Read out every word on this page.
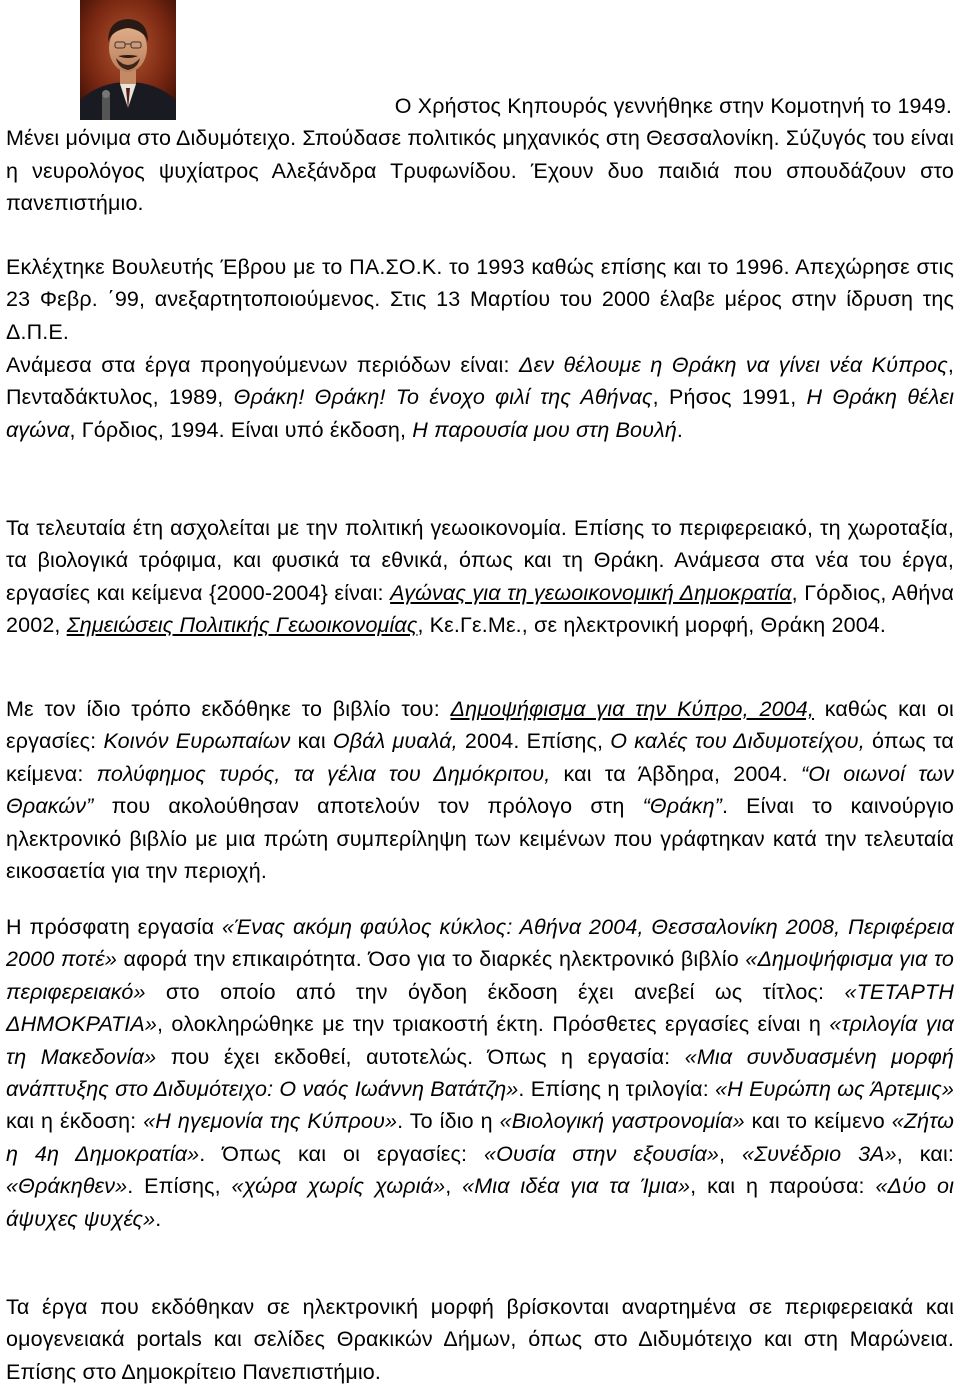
Ο Χρήστος Κηπουρός γεννήθηκε στην Κομοτηνή το 1949.
Μένει μόνιμα στο Διδυμότειχο. Σπούδασε πολιτικός μηχανικός στη Θεσσαλονίκη. Σύζυγός του είναι η νευρολόγος ψυχίατρος Αλεξάνδρα Τρυφωνίδου. Έχουν δυο παιδιά που σπουδάζουν στο πανεπιστήμιο.

Εκλέχτηκε Βουλευτής Έβρου με το ΠΑ.ΣΟ.Κ. το 1993 καθώς επίσης και το 1996. Απεχώρησε στις 23 Φεβρ. ΄99, ανεξαρτητοποιούμενος. Στις 13 Μαρτίου του 2000 έλαβε μέρος στην ίδρυση της Δ.Π.Ε.

Ανάμεσα στα έργα προηγούμενων περιόδων είναι: Δεν θέλουμε η Θράκη να γίνει νέα Κύπρος, Πενταδάκτυλος, 1989, Θράκη! Θράκη! Το ένοχο φιλί της Αθήνας, Ρήσος 1991, Η Θράκη θέλει αγώνα, Γόρδιος, 1994. Είναι υπό έκδοση, Η παρουσία μου στη Βουλή.

Τα τελευταία έτη ασχολείται με την πολιτική γεωοικονομία. Επίσης το περιφερειακό, τη χωροταξία, τα βιολογικά τρόφιμα, και φυσικά τα εθνικά, όπως και τη Θράκη. Ανάμεσα στα νέα του έργα, εργασίες και κείμενα {2000-2004} είναι: Αγώνας για τη γεωοικονομική Δημοκρατία, Γόρδιος, Αθήνα 2002, Σημειώσεις Πολιτικής Γεωοικονομίας, Κε.Γε.Με., σε ηλεκτρονική μορφή, Θράκη 2004.

Με τον ίδιο τρόπο εκδόθηκε το βιβλίο του: Δημοψήφισμα για την Κύπρο, 2004, καθώς και οι εργασίες: Κοινόν Ευρωπαίων και Οβάλ μυαλά, 2004. Επίσης, Ο καλές του Διδυμοτείχου, όπως τα κείμενα: πολύφημος τυρός, τα γέλια του Δημόκριτου, και τα Άβδηρα, 2004. “Οι οιωνοί των Θρακών” που ακολούθησαν αποτελούν τον πρόλογο στη “Θράκη”. Είναι το καινούργιο ηλεκτρονικό βιβλίο με μια πρώτη συμπερίληψη των κειμένων που γράφτηκαν κατά την τελευταία εικοσαετία για την περιοχή.

Η πρόσφατη εργασία «Ένας ακόμη φαύλος κύκλος: Αθήνα 2004, Θεσσαλονίκη 2008, Περιφέρεια 2000 ποτέ» αφορά την επικαιρότητα. Όσο για το διαρκές ηλεκτρονικό βιβλίο «Δημοψήφισμα για το περιφερειακό» στο οποίο από την όγδοη έκδοση έχει ανεβεί ως τίτλος: «ΤΕΤΑΡΤΗ ΔΗΜΟΚΡΑΤΙΑ», ολοκληρώθηκε με την τριακοστή έκτη. Πρόσθετες εργασίες είναι η «τριλογία για τη Μακεδονία» που έχει εκδοθεί, αυτοτελώς. Όπως η εργασία: «Μια συνδυασμένη μορφή ανάπτυξης στο Διδυμότειχο: Ο ναός Ιωάννη Βατάτζη». Επίσης η τριλογία: «Η Ευρώπη ως Άρτεμις» και η έκδοση: «Η ηγεμονία της Κύπρου». Το ίδιο η «Βιολογική γαστρονομία» και το κείμενο «Ζήτω η 4η Δημοκρατία». Όπως και οι εργασίες: «Ουσία στην εξουσία», «Συνέδριο 3Α», και: «Θράκηθεν». Επίσης, «χώρα χωρίς χωριά», «Μια ιδέα για τα Ίμια», και η παρούσα: «Δύο οι άψυχες ψυχές».

Τα έργα που εκδόθηκαν σε ηλεκτρονική μορφή βρίσκονται αναρτημένα σε περιφερειακά και ομογενειακά portals και σελίδες Θρακικών Δήμων, όπως στο Διδυμότειχο και στη Μαρώνεια. Επίσης στο Δημοκρίτειο Πανεπιστήμιο.
